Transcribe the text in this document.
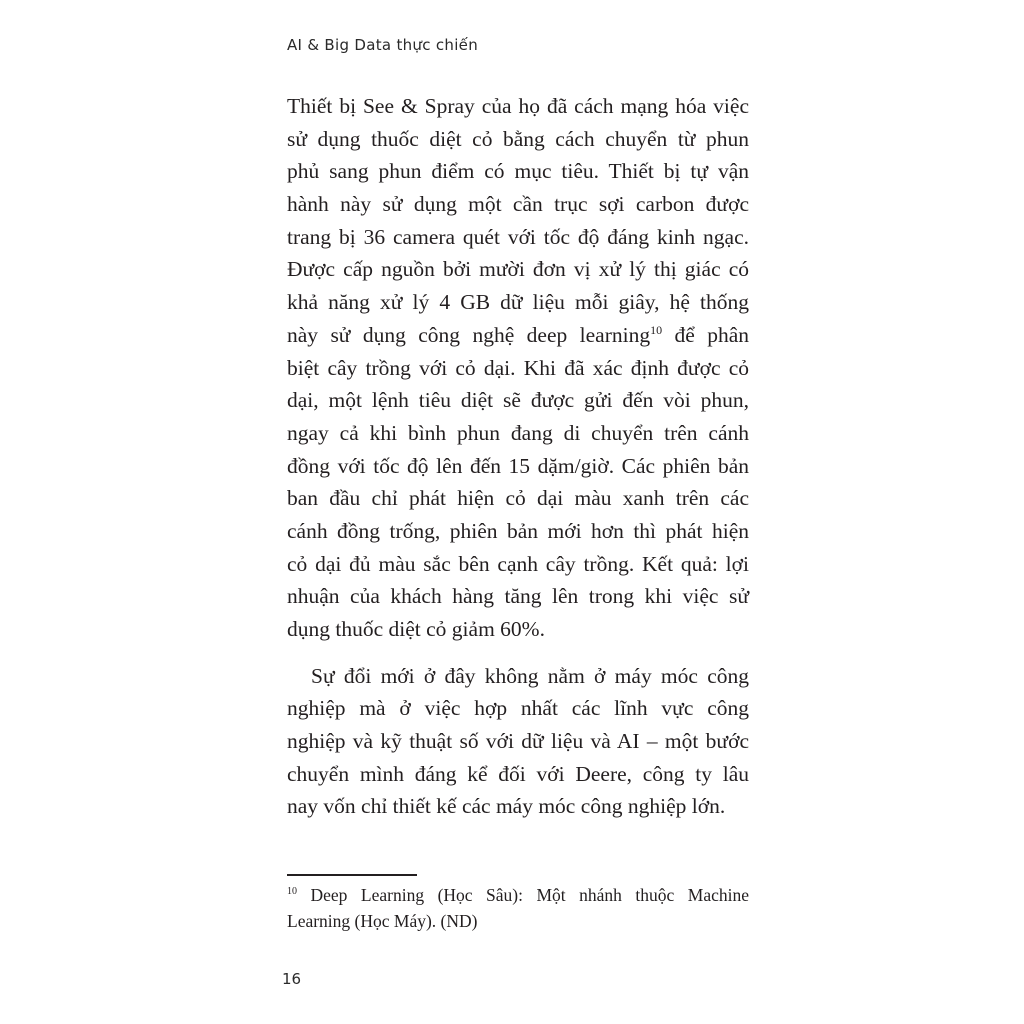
AI & Big Data thực chiến
Thiết bị See & Spray của họ đã cách mạng hóa việc
sử dụng thuốc diệt cỏ bằng cách chuyển từ phun
phủ sang phun điểm có mục tiêu. Thiết bị tự vận
hành này sử dụng một cần trục sợi carbon được
trang bị 36 camera quét với tốc độ đáng kinh ngạc.
Được cấp nguồn bởi mười đơn vị xử lý thị giác có
khả năng xử lý 4 GB dữ liệu mỗi giây, hệ thống
này sử dụng công nghệ deep learning$^{10}$ để phân
biệt cây trồng với cỏ dại. Khi đã xác định được cỏ
dại, một lệnh tiêu diệt sẽ được gửi đến vòi phun,
ngay cả khi bình phun đang di chuyển trên cánh
đồng với tốc độ lên đến 15 dặm/giờ. Các phiên bản
ban đầu chỉ phát hiện cỏ dại màu xanh trên các
cánh đồng trống, phiên bản mới hơn thì phát hiện
cỏ dại đủ màu sắc bên cạnh cây trồng. Kết quả: lợi
nhuận của khách hàng tăng lên trong khi việc sử
dụng thuốc diệt cỏ giảm 60%.
Sự đổi mới ở đây không nằm ở máy móc công
nghiệp mà ở việc hợp nhất các lĩnh vực công
nghiệp và kỹ thuật số với dữ liệu và AI – một bước
chuyển mình đáng kể đối với Deere, công ty lâu
nay vốn chỉ thiết kế các máy móc công nghiệp lớn.
$^{10}$ Deep Learning (Học Sâu): Một nhánh thuộc Machine
Learning (Học Máy). (ND)
16
